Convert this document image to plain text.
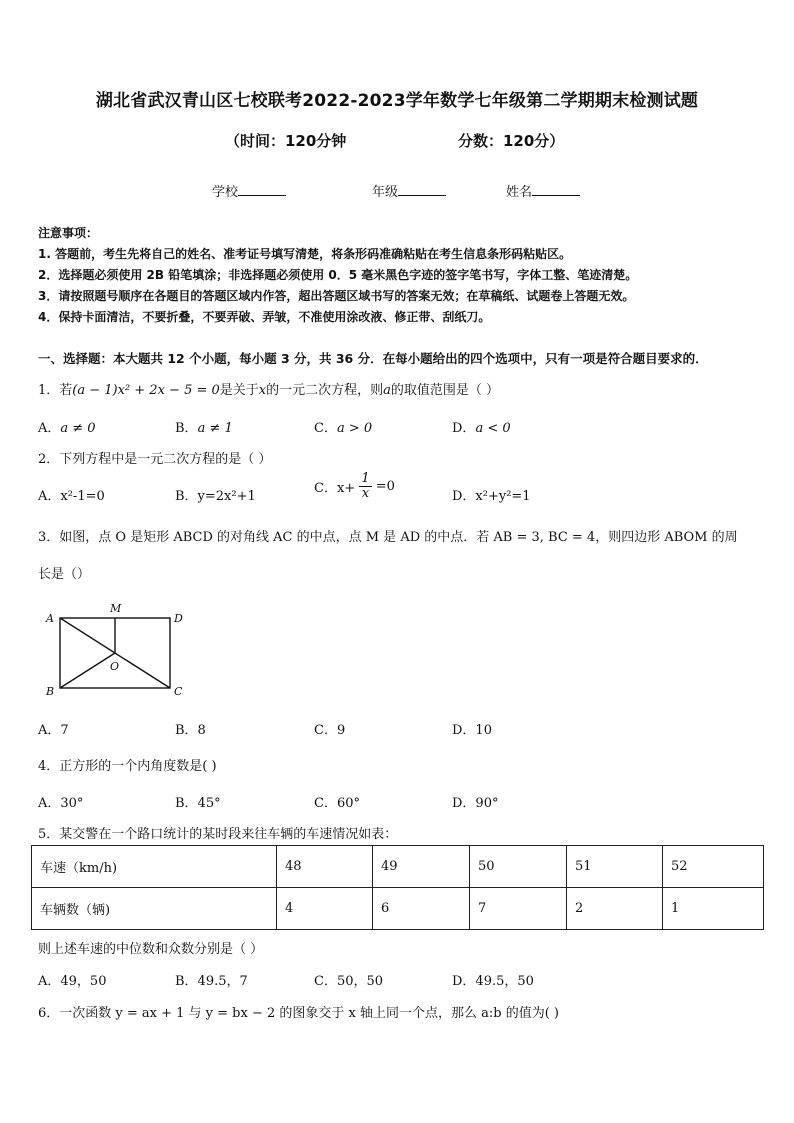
湖北省武汉青山区七校联考2022-2023学年数学七年级第二学期期末检测试题
（时间：120分钟	分数：120分）
学校	年级	姓名
注意事项：
1. 答题前，考生先将自己的姓名、准考证号填写清楚，将条形码准确粘贴在考生信息条形码粘贴区。
2．选择题必须使用 2B 铅笔填涂；非选择题必须使用 0．5 毫米黑色字迹的签字笔书写，字体工整、笔迹清楚。
3．请按照题号顺序在各题目的答题区域内作答，超出答题区域书写的答案无效；在草稿纸、试题卷上答题无效。
4．保持卡面清洁，不要折叠，不要弄破、弄皱，不准使用涂改液、修正带、刮纸刀。
一、选择题：本大题共 12 个小题，每小题 3 分，共 36 分．在每小题给出的四个选项中，只有一项是符合题目要求的．
1．若(a − 1)x² + 2x − 5 = 0是关于x的一元二次方程，则a的取值范围是（ ）
A．a ≠ 0	B．a ≠ 1	C．a > 0	D．a < 0
2．下列方程中是一元二次方程的是（ ）
A．x²-1=0	B．y=2x²+1
C．$x+ \frac{1}{x} =0$
D．x²+y²=1
3．如图，点 O 是矩形 ABCD 的对角线 AC 的中点，点 M 是 AD 的中点．若 AB = 3, BC = 4，则四边形 ABOM 的周
长是（）
A
B	C
D
M
O
A．7	B．8	C．9	D．10
4．正方形的一个内角度数是( )
A．30°	B．45°	C．60°	D．90°
5．某交警在一个路口统计的某时段来往车辆的车速情况如表：
车速（km/h)	48	49	50	51	52
车辆数（辆)	4	6	7	2	1
则上述车速的中位数和众数分别是（ ）
A．49，50	B．49.5，7	C．50，50	D．49.5，50
6．一次函数 y = ax + 1 与 y = bx − 2 的图象交于 x 轴上同一个点，那么 a:b 的值为( )
